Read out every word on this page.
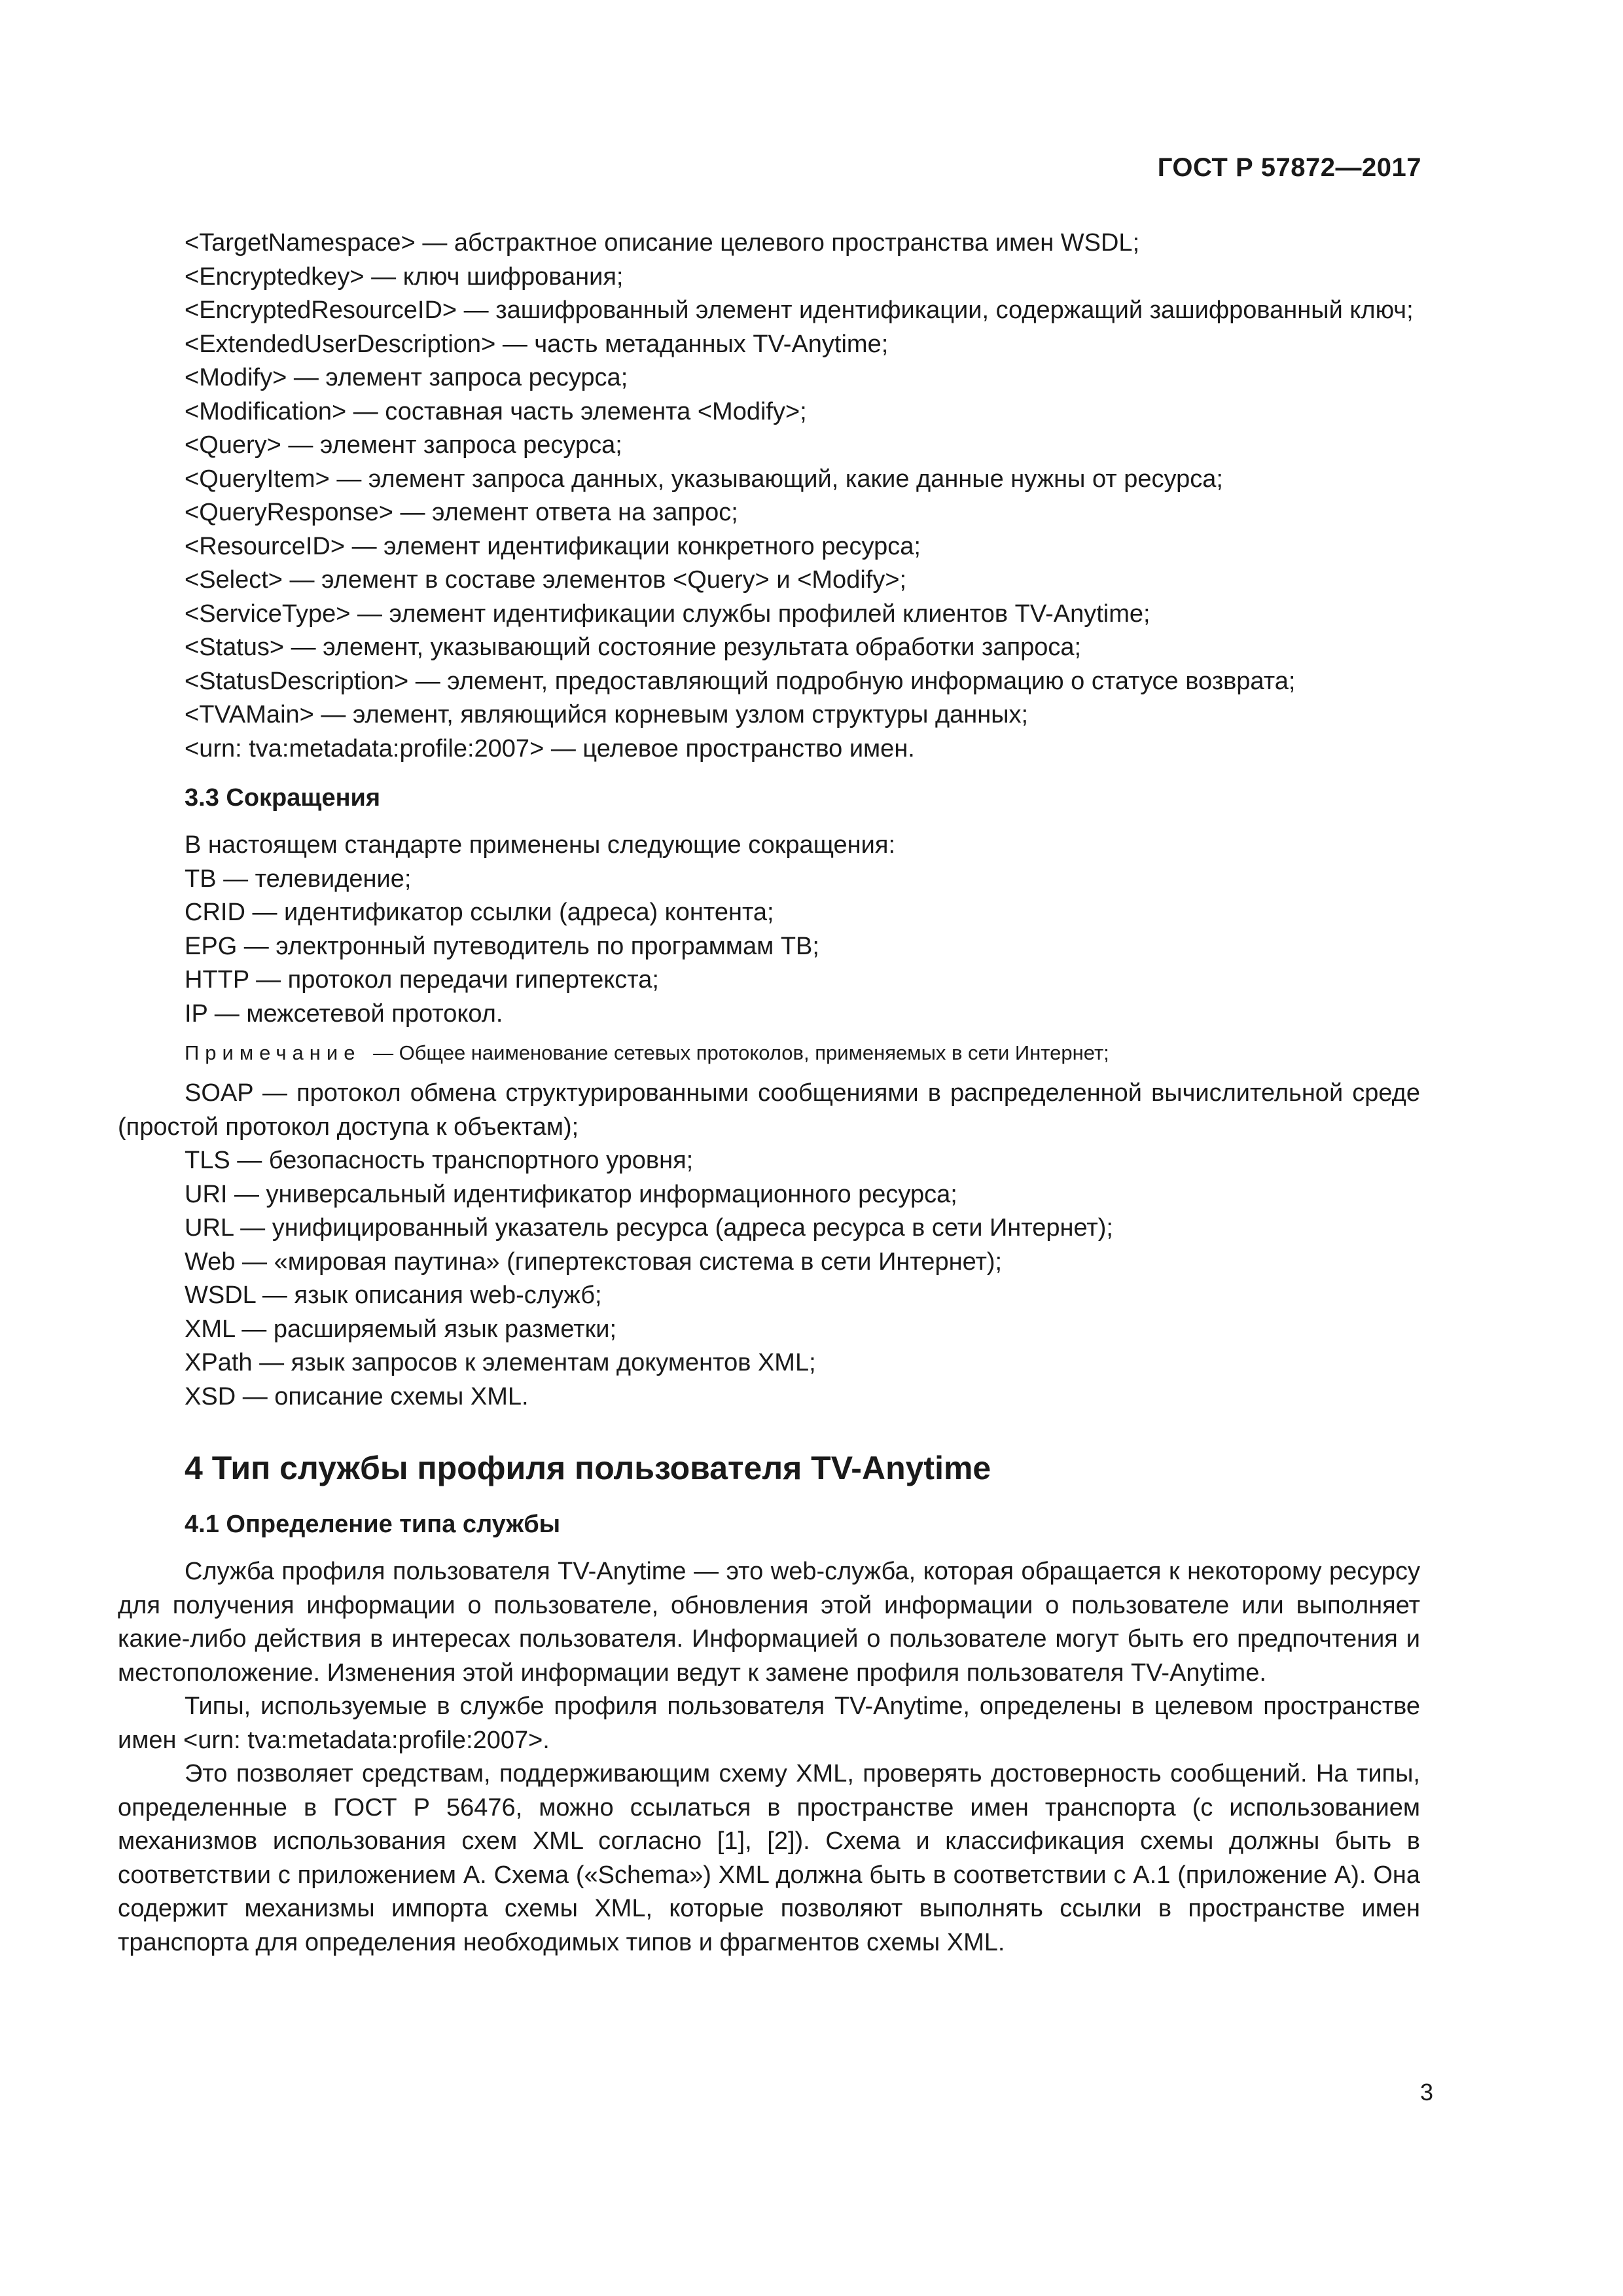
ГОСТ Р 57872—2017
<TargetNamespace> — абстрактное описание целевого пространства имен WSDL;
<Encryptedkey> — ключ шифрования;

<EncryptedResourceID> — зашифрованный элемент идентификации, содержащий зашифрованный ключ;

<ExtendedUserDescription> — часть метаданных TV-Anytime;
<Modify> — элемент запроса ресурса;
<Modification> — составная часть элемента <Modify>;
<Query> — элемент запроса ресурса;
<QueryItem> — элемент запроса данных, указывающий, какие данные нужны от ресурса;
<QueryResponse> — элемент ответа на запрос;
<ResourceID> — элемент идентификации конкретного ресурса;
<Select> — элемент в составе элементов <Query> и <Modify>;
<ServiceType> — элемент идентификации службы профилей клиентов TV-Anytime;
<Status> — элемент, указывающий состояние результата обработки запроса;
<StatusDescription> — элемент, предоставляющий подробную информацию о статусе возврата;
<TVAMain> — элемент, являющийся корневым узлом структуры данных;
<urn: tva:metadata:profile:2007> — целевое пространство имен.
3.3 Сокращения
В настоящем стандарте применены следующие сокращения:
ТВ — телевидение;
CRID — идентификатор ссылки (адреса) контента;
EPG — электронный путеводитель по программам ТВ;
HTTP — протокол передачи гипертекста;
IP — межсетевой протокол.
Примечание — Общее наименование сетевых протоколов, применяемых в сети Интернет;

SOAP — протокол обмена структурированными сообщениями в распределенной вычислительной среде (простой протокол доступа к объектам);

TLS — безопасность транспортного уровня;
URI — универсальный идентификатор информационного ресурса;
URL — унифицированный указатель ресурса (адреса ресурса в сети Интернет);
Web — «мировая паутина» (гипертекстовая система в сети Интернет);
WSDL — язык описания web-служб;
XML — расширяемый язык разметки;
XPath — язык запросов к элементам документов XML;
XSD — описание схемы XML.
4 Тип службы профиля пользователя TV-Anytime
4.1 Определение типа службы

Служба профиля пользователя TV-Anytime — это web-служба, которая обращается к некоторому ресурсу для получения информации о пользователе, обновления этой информации о пользователе или выполняет какие-либо действия в интересах пользователя. Информацией о пользователе могут быть его предпочтения и местоположение. Изменения этой информации ведут к замене профиля пользователя TV-Anytime.

Типы, используемые в службе профиля пользователя TV-Anytime, определены в целевом пространстве имен <urn: tva:metadata:profile:2007>.

Это позволяет средствам, поддерживающим схему XML, проверять достоверность сообщений. На типы, определенные в ГОСТ Р 56476, можно ссылаться в пространстве имен транспорта (с использованием механизмов использования схем XML согласно [1], [2]). Схема и классификация схемы должны быть в соответствии с приложением А. Схема («Schema») XML должна быть в соответствии с А.1 (приложение А). Она содержит механизмы импорта схемы XML, которые позволяют выполнять ссылки в пространстве имен транспорта для определения необходимых типов и фрагментов схемы XML.

3
